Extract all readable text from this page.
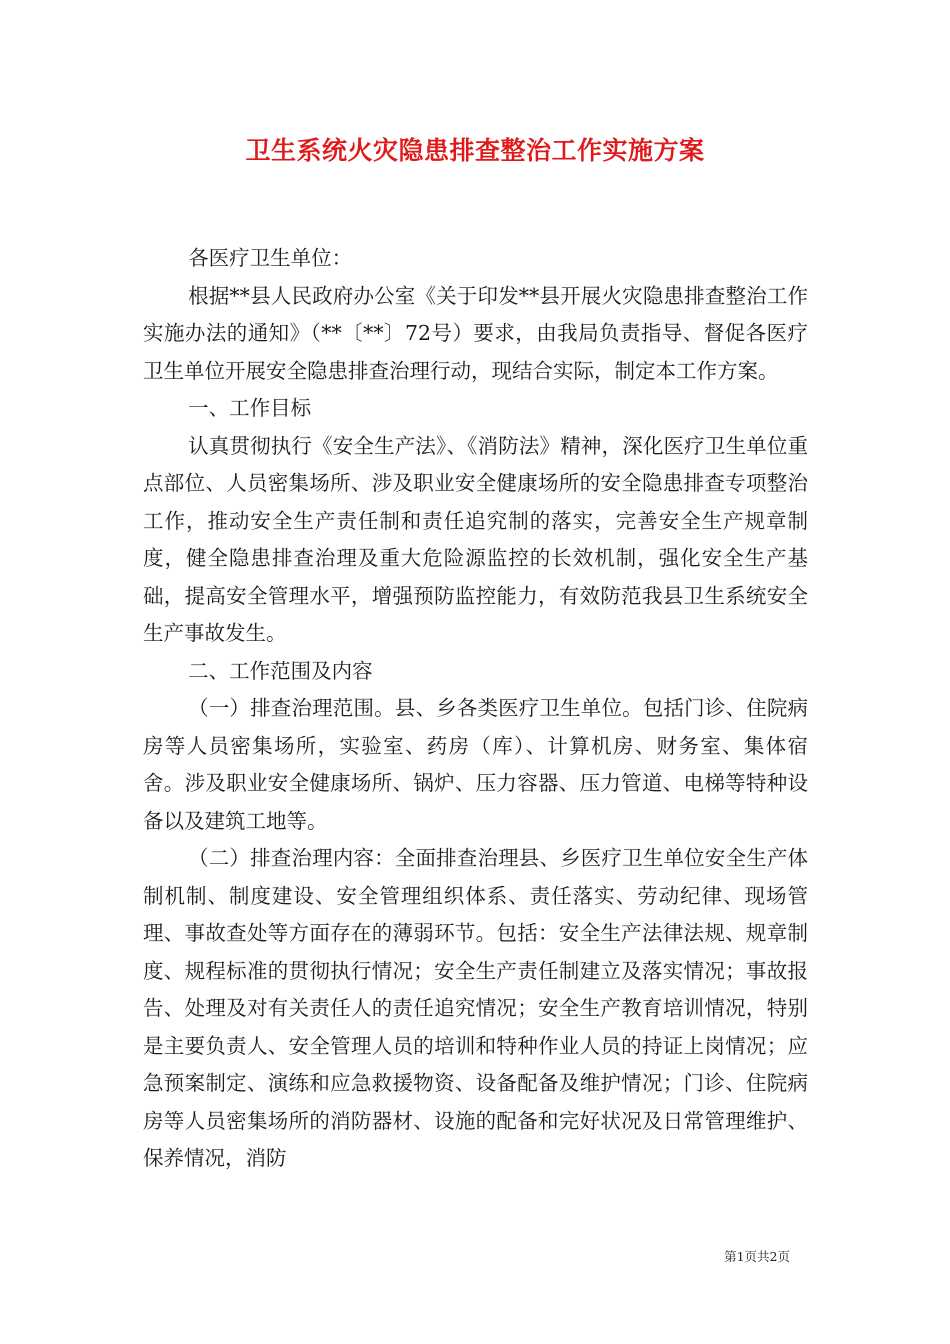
卫生系统火灾隐患排查整治工作实施方案

各医疗卫生单位：

根据**县人民政府办公室《关于印发**县开展火灾隐患排查整治工作实施办法的通知》（**〔**〕72号）要求，由我局负责指导、督促各医疗卫生单位开展安全隐患排查治理行动，现结合实际，制定本工作方案。

一、工作目标

认真贯彻执行《安全生产法》、《消防法》精神，深化医疗卫生单位重点部位、人员密集场所、涉及职业安全健康场所的安全隐患排查专项整治工作，推动安全生产责任制和责任追究制的落实，完善安全生产规章制度，健全隐患排查治理及重大危险源监控的长效机制，强化安全生产基础，提高安全管理水平，增强预防监控能力，有效防范我县卫生系统安全生产事故发生。

二、工作范围及内容

（一）排查治理范围。县、乡各类医疗卫生单位。包括门诊、住院病房等人员密集场所，实验室、药房（库）、计算机房、财务室、集体宿舍。涉及职业安全健康场所、锅炉、压力容器、压力管道、电梯等特种设备以及建筑工地等。

（二）排查治理内容：全面排查治理县、乡医疗卫生单位安全生产体制机制、制度建设、安全管理组织体系、责任落实、劳动纪律、现场管理、事故查处等方面存在的薄弱环节。包括：安全生产法律法规、规章制度、规程标准的贯彻执行情况；安全生产责任制建立及落实情况；事故报告、处理及对有关责任人的责任追究情况；安全生产教育培训情况，特别是主要负责人、安全管理人员的培训和特种作业人员的持证上岗情况；应急预案制定、演练和应急救援物资、设备配备及维护情况；门诊、住院病房等人员密集场所的消防器材、设施的配备和完好状况及日常管理维护、保养情况，消防

第1页共2页
